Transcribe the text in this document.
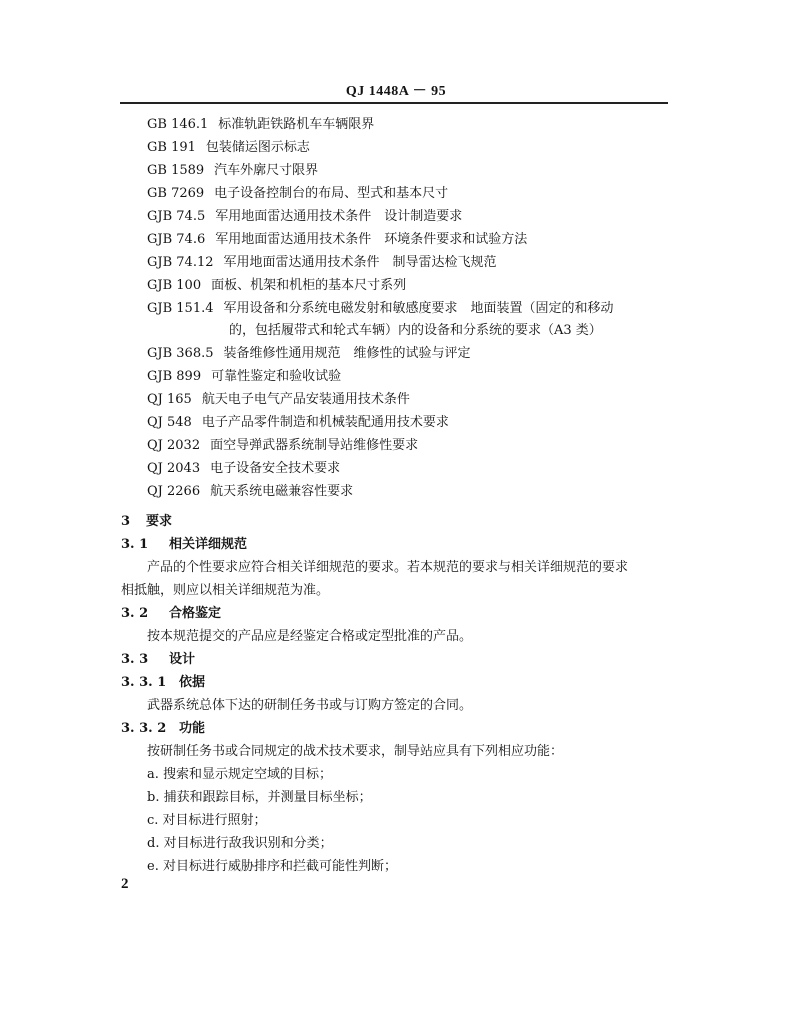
QJ 1448A － 95
GB 146.1 标准轨距铁路机车车辆限界
GB 191 包装储运图示标志
GB 1589 汽车外廓尺寸限界
GB 7269 电子设备控制台的布局、型式和基本尺寸
GJB 74.5 军用地面雷达通用技术条件　设计制造要求
GJB 74.6 军用地面雷达通用技术条件　环境条件要求和试验方法
GJB 74.12 军用地面雷达通用技术条件　制导雷达检飞规范
GJB 100 面板、机架和机柜的基本尺寸系列
GJB 151.4 军用设备和分系统电磁发射和敏感度要求　地面装置（固定的和移动
的，包括履带式和轮式车辆）内的设备和分系统的要求（A3 类）
GJB 368.5 装备维修性通用规范　维修性的试验与评定
GJB 899 可靠性鉴定和验收试验
QJ 165 航天电子电气产品安装通用技术条件
QJ 548 电子产品零件制造和机械装配通用技术要求
QJ 2032 面空导弹武器系统制导站维修性要求
QJ 2043 电子设备安全技术要求
QJ 2266 航天系统电磁兼容性要求
3 要求
3. 1 相关详细规范
产品的个性要求应符合相关详细规范的要求。若本规范的要求与相关详细规范的要求
相抵触，则应以相关详细规范为准。
3. 2 合格鉴定
按本规范提交的产品应是经鉴定合格或定型批准的产品。
3. 3 设计
3. 3. 1 依据
武器系统总体下达的研制任务书或与订购方签定的合同。
3. 3. 2 功能
按研制任务书或合同规定的战术技术要求，制导站应具有下列相应功能：
a. 搜索和显示规定空域的目标；
b. 捕获和跟踪目标，并测量目标坐标；
c. 对目标进行照射；
d. 对目标进行敌我识别和分类；
e. 对目标进行威胁排序和拦截可能性判断；
2
